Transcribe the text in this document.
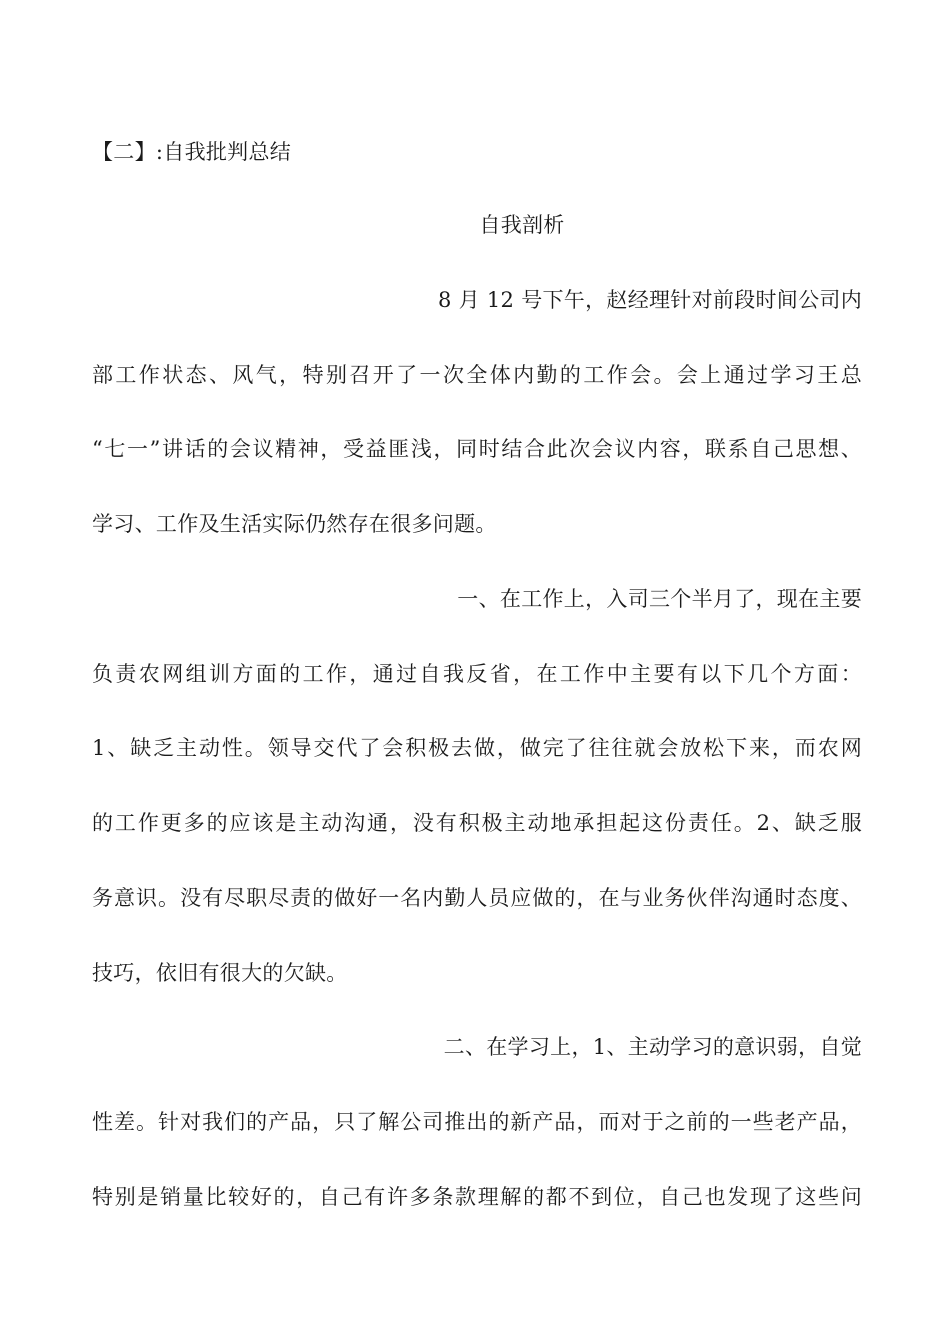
【二】:自我批判总结
自我剖析
8 月 12 号下午，赵经理针对前段时间公司内
部工作状态、风气，特别召开了一次全体内勤的工作会。会上通过学习王总
“七一”讲话的会议精神，受益匪浅，同时结合此次会议内容，联系自己思想、
学习、工作及生活实际仍然存在很多问题。
一、在工作上，入司三个半月了，现在主要
负责农网组训方面的工作，通过自我反省，在工作中主要有以下几个方面：
1、缺乏主动性。领导交代了会积极去做，做完了往往就会放松下来，而农网
的工作更多的应该是主动沟通，没有积极主动地承担起这份责任。2、缺乏服
务意识。没有尽职尽责的做好一名内勤人员应做的，在与业务伙伴沟通时态度、
技巧，依旧有很大的欠缺。
二、在学习上，1、主动学习的意识弱，自觉
性差。针对我们的产品，只了解公司推出的新产品，而对于之前的一些老产品，
特别是销量比较好的，自己有许多条款理解的都不到位，自己也发现了这些问
